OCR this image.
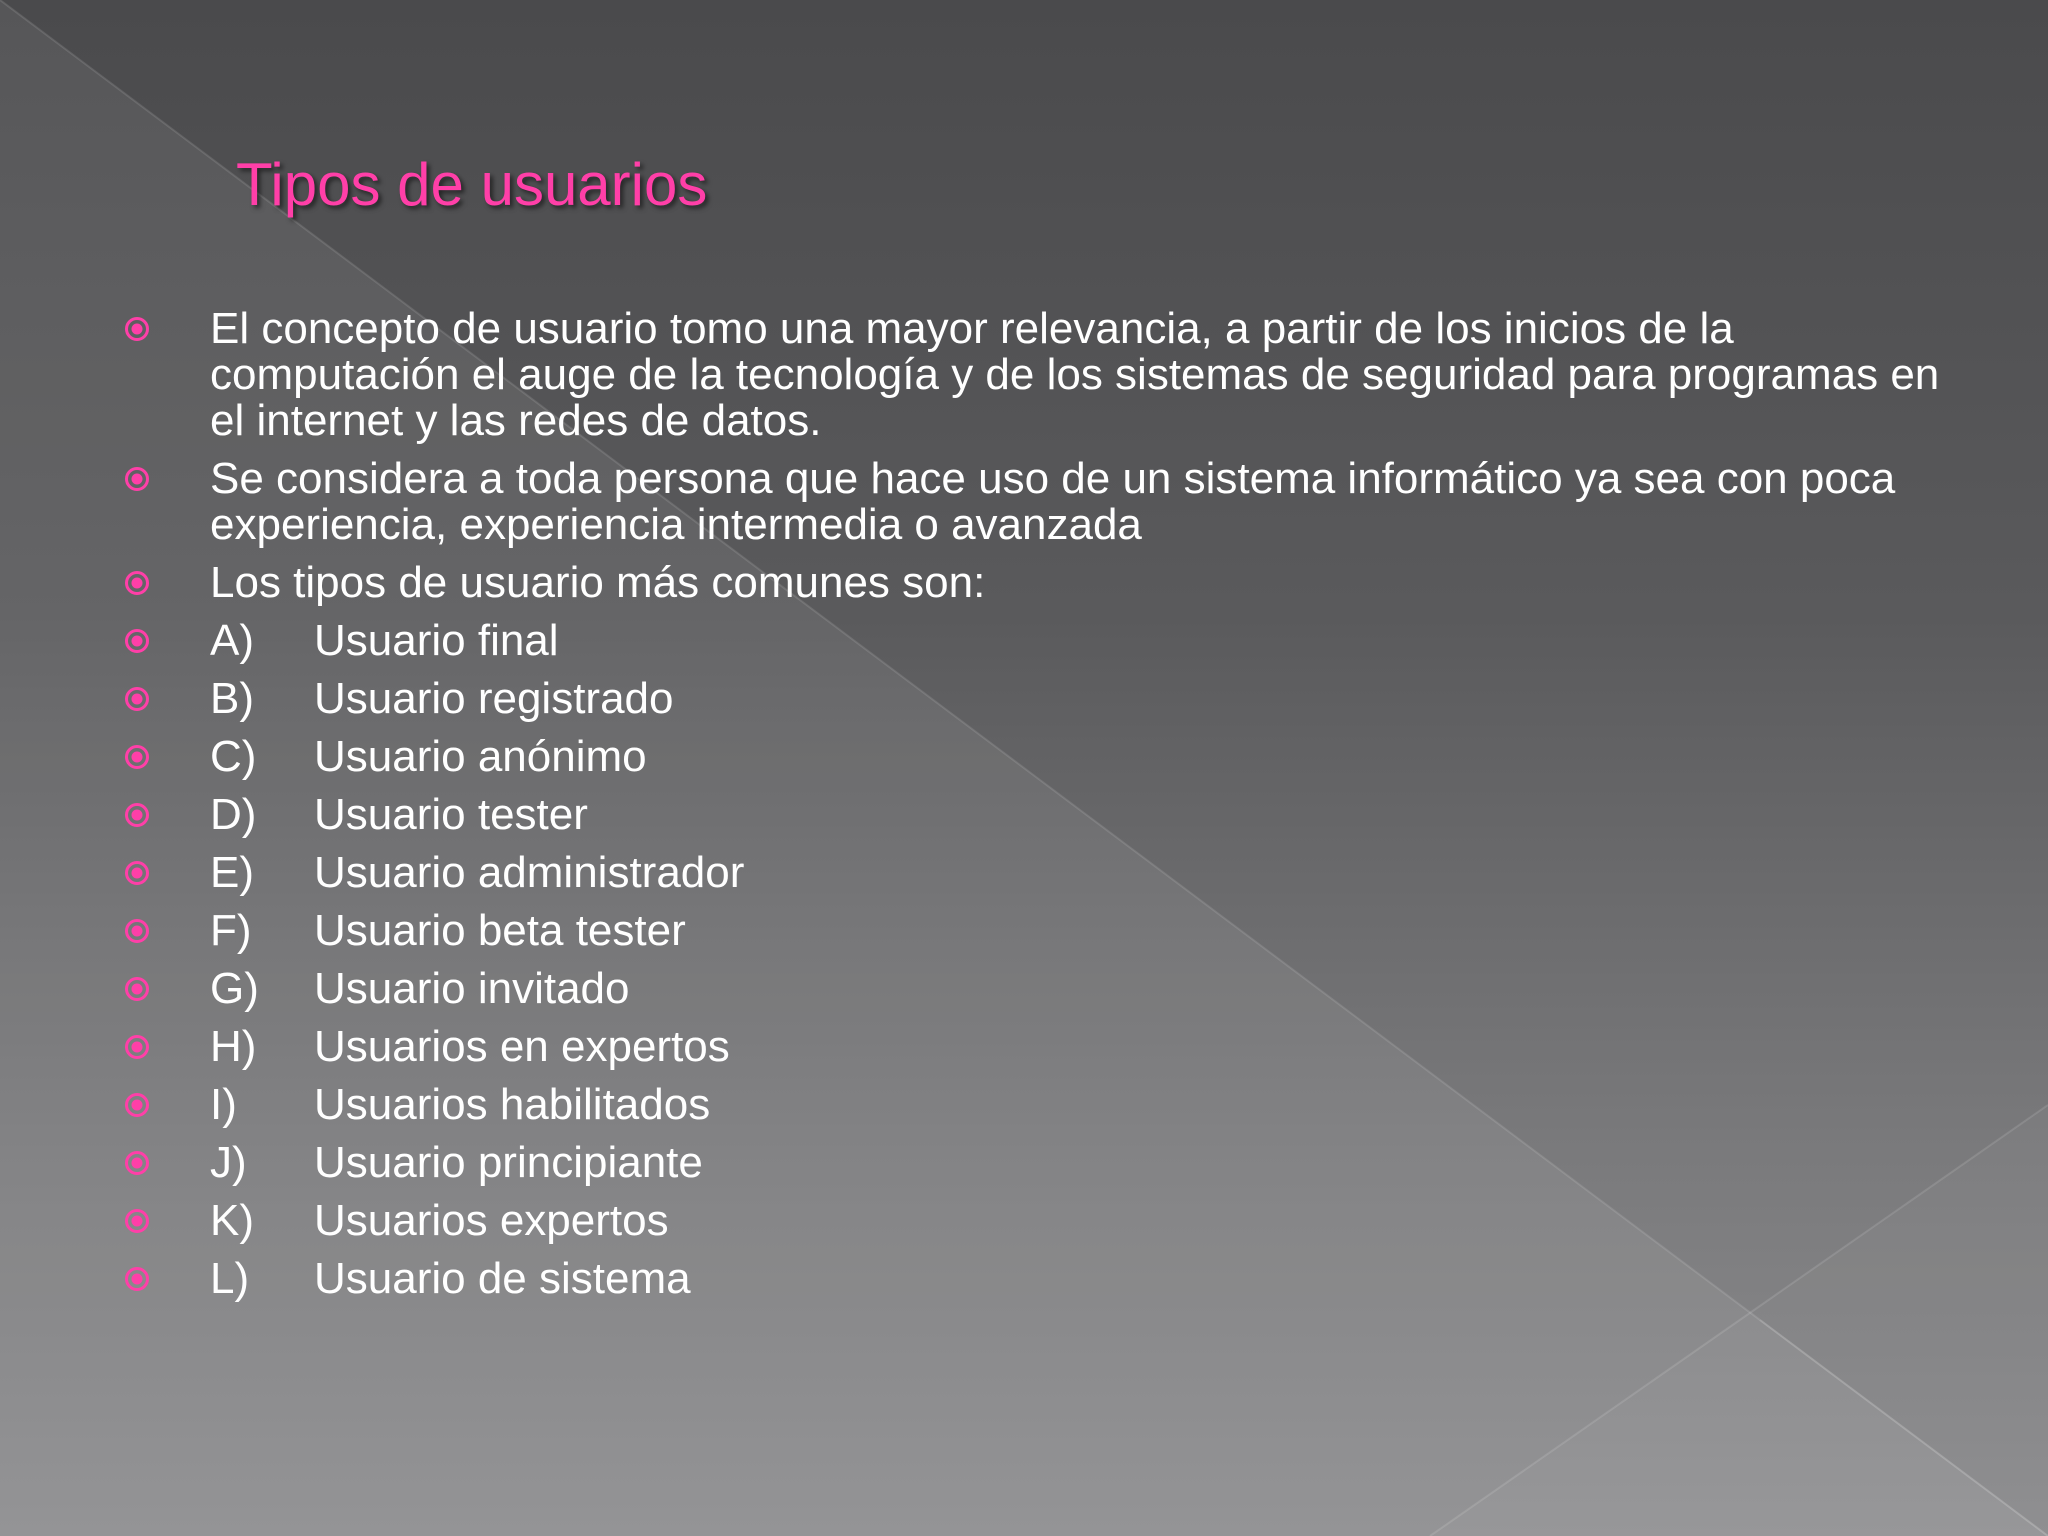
Tipos de usuarios
El concepto de usuario tomo una mayor relevancia, a partir de los inicios de la computación el auge de la tecnología y de los sistemas de seguridad para programas en el internet y las redes de datos.
Se considera a toda persona que hace uso de un sistema informático ya sea con poca experiencia, experiencia intermedia o avanzada
Los tipos de usuario más comunes son:
A) Usuario final
B) Usuario registrado
C) Usuario anónimo
D) Usuario tester
E) Usuario administrador
F) Usuario beta tester
G) Usuario invitado
H) Usuarios en expertos
I) Usuarios habilitados
J) Usuario principiante
K) Usuarios expertos
L) Usuario de sistema
